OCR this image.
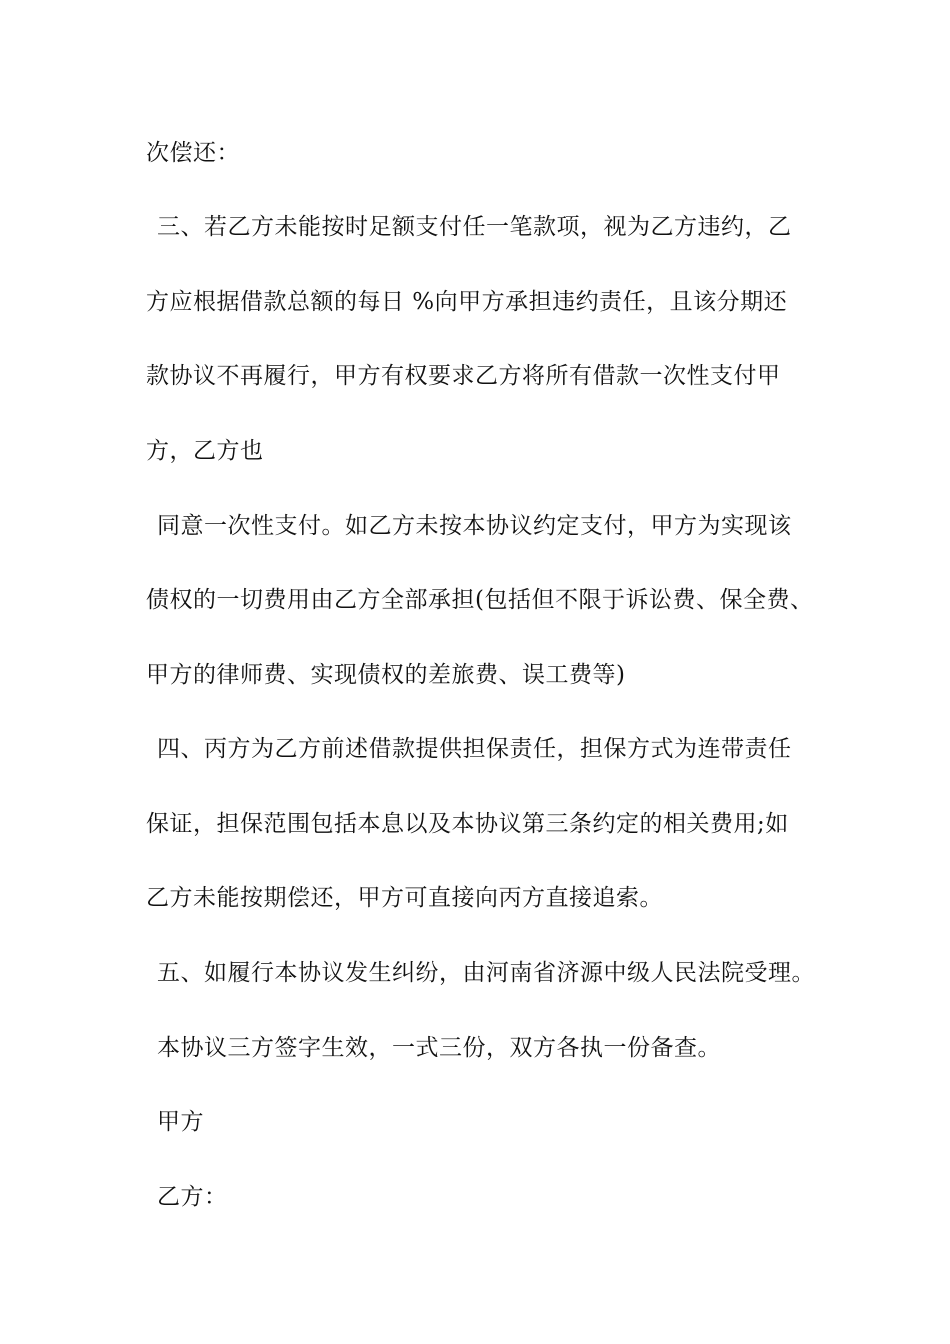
次偿还：
三、若乙方未能按时足额支付任一笔款项，视为乙方违约，乙
方应根据借款总额的每日 %向甲方承担违约责任，且该分期还
款协议不再履行，甲方有权要求乙方将所有借款一次性支付甲
方，乙方也
同意一次性支付。如乙方未按本协议约定支付，甲方为实现该
债权的一切费用由乙方全部承担(包括但不限于诉讼费、保全费、
甲方的律师费、实现债权的差旅费、误工费等)
四、丙方为乙方前述借款提供担保责任，担保方式为连带责任
保证，担保范围包括本息以及本协议第三条约定的相关费用;如
乙方未能按期偿还，甲方可直接向丙方直接追索。
五、如履行本协议发生纠纷，由河南省济源中级人民法院受理。
本协议三方签字生效，一式三份，双方各执一份备查。
甲方
乙方：
